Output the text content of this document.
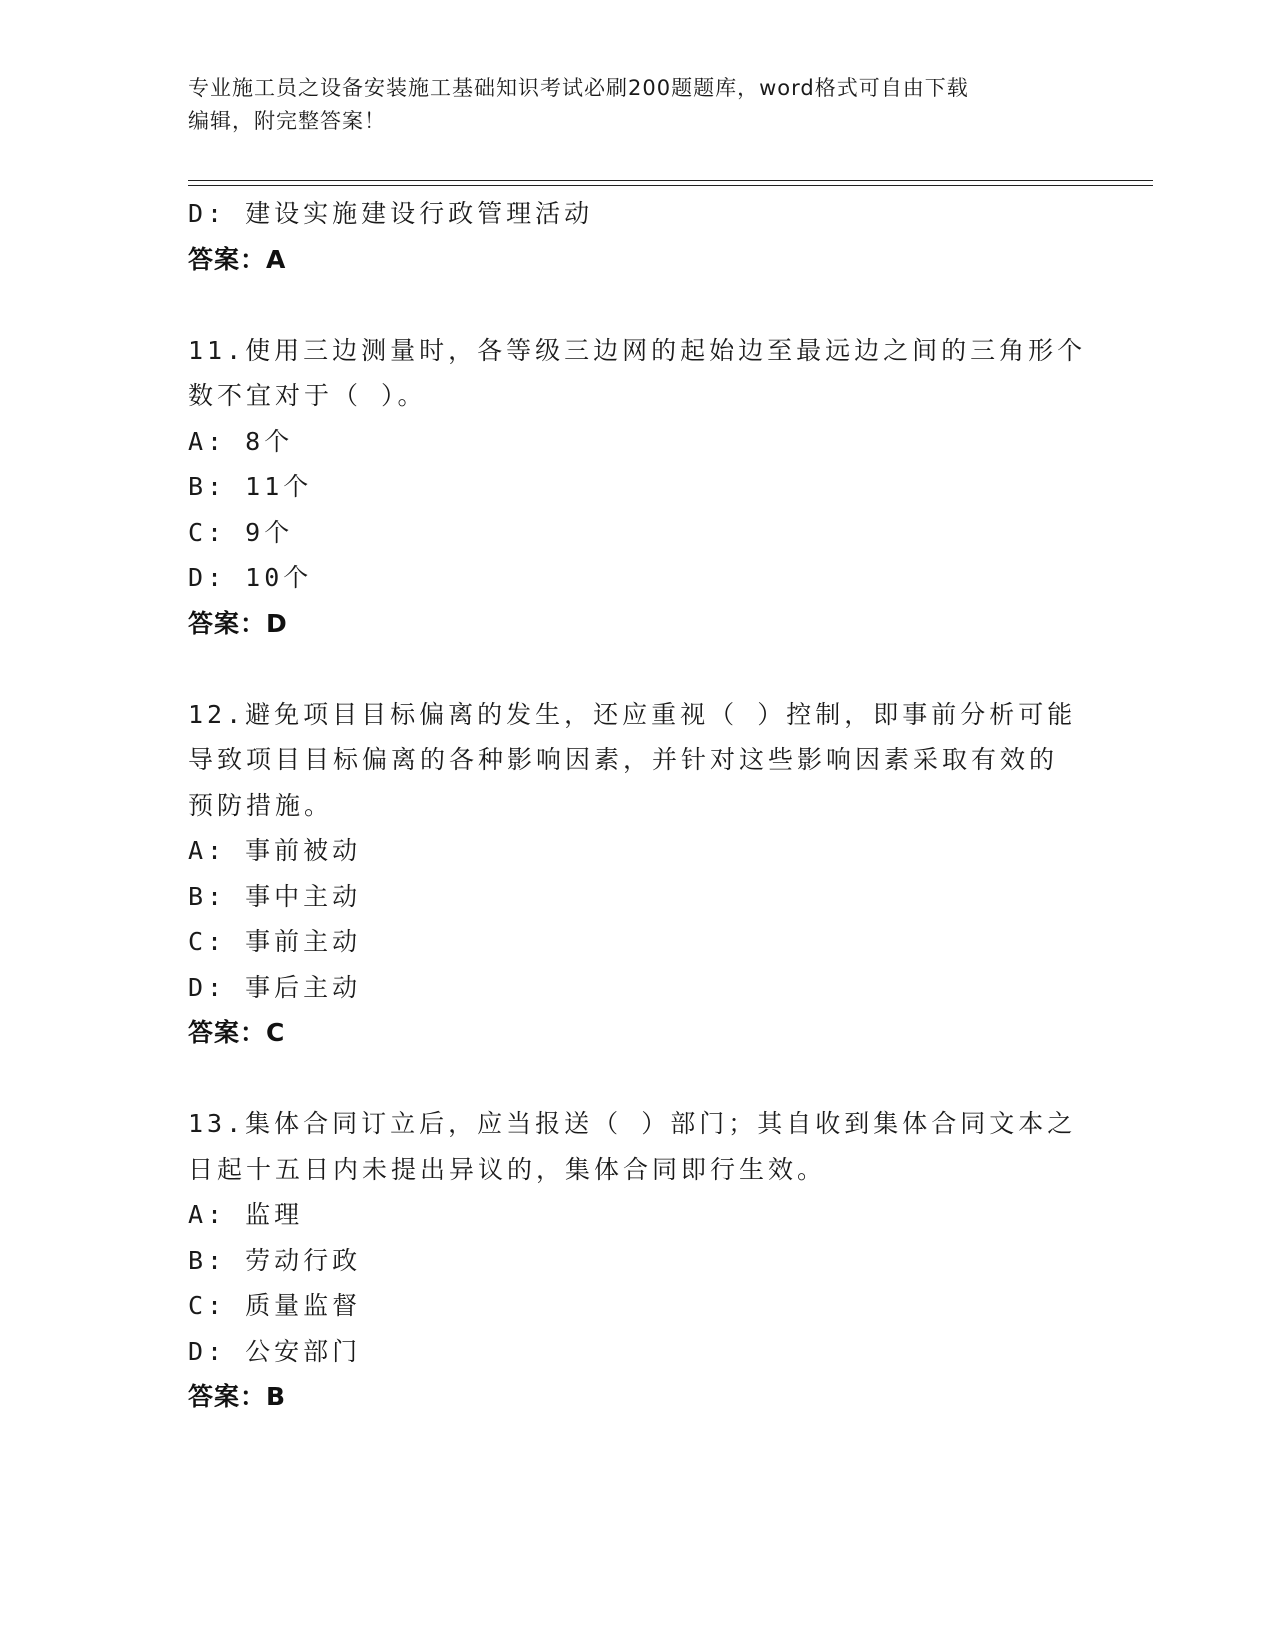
专业施工员之设备安装施工基础知识考试必刷200题题库，word格式可自由下载
编辑，附完整答案！
D: 建设实施建设行政管理活动
答案：A
11.使用三边测量时，各等级三边网的起始边至最远边之间的三角形个
数不宜对于（ ）。
A: 8个
B: 11个
C: 9个
D: 10个
答案：D
12.避免项目目标偏离的发生，还应重视（ ）控制，即事前分析可能
导致项目目标偏离的各种影响因素，并针对这些影响因素采取有效的
预防措施。
A: 事前被动
B: 事中主动
C: 事前主动
D: 事后主动
答案：C
13.集体合同订立后，应当报送（ ）部门；其自收到集体合同文本之
日起十五日内未提出异议的，集体合同即行生效。
A: 监理
B: 劳动行政
C: 质量监督
D: 公安部门
答案：B
